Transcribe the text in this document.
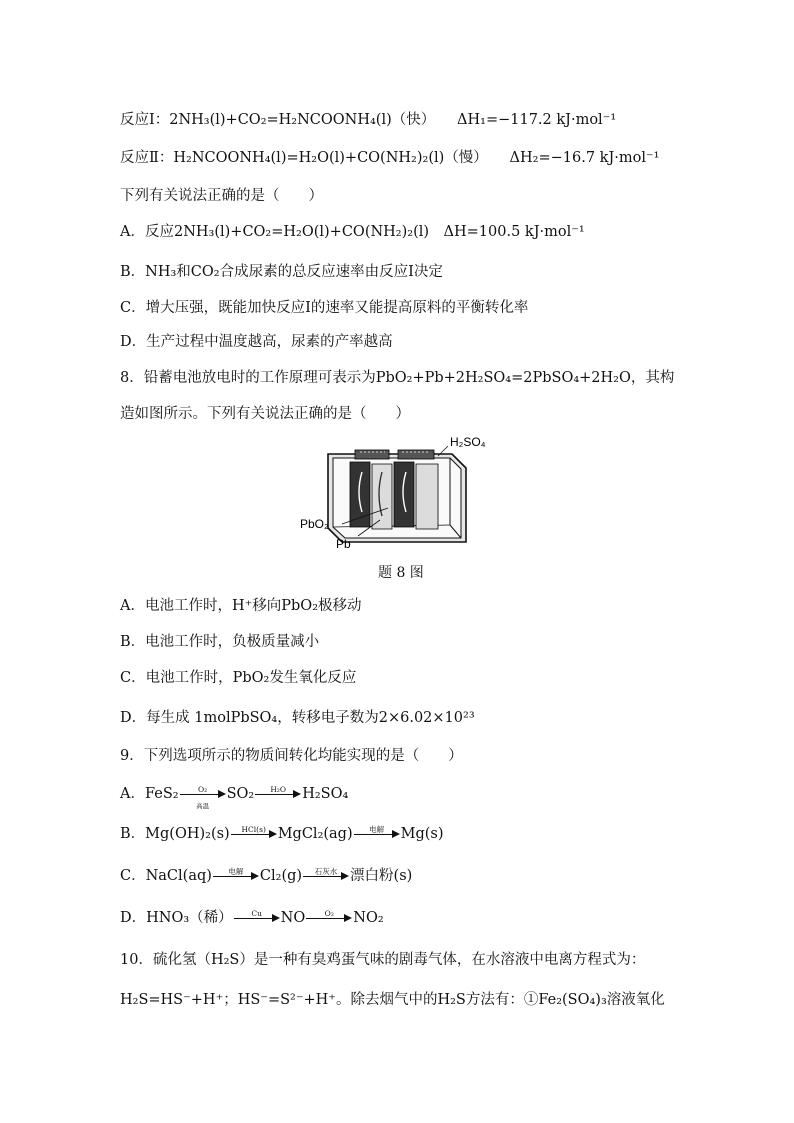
反应Ⅰ：2NH₃(l)+CO₂=H₂NCOONH₄(l)（快）　　 ΔH₁=−117.2 kJ·mol⁻¹
反应Ⅱ：H₂NCOONH₄(l)=H₂O(l)+CO(NH₂)₂(l)（慢）　　 ΔH₂=−16.7 kJ·mol⁻¹
下列有关说法正确的是（　　）
A．反应2NH₃(l)+CO₂=H₂O(l)+CO(NH₂)₂(l)　ΔH=100.5 kJ·mol⁻¹
B．NH₃和CO₂合成尿素的总反应速率由反应Ⅰ决定
C．增大压强，既能加快反应Ⅰ的速率又能提高原料的平衡转化率
D．生产过程中温度越高，尿素的产率越高
8．铅蓄电池放电时的工作原理可表示为PbO₂+Pb+2H₂SO₄=2PbSO₄+2H₂O，其构
造如图所示。下列有关说法正确的是（　　）
H₂SO₄
PbO₂
Pb
题 8 图
A．电池工作时，H⁺移向PbO₂极移动
B．电池工作时，负极质量减小
C．电池工作时，PbO₂发生氧化反应
D．每生成 1molPbSO₄，转移电子数为2×6.02×10²³
9．下列选项所示的物质间转化均能实现的是（　　）
A．FeS₂	O₂
高温
SO₂	H₂O	H₂SO₄
B．Mg(OH)₂(s)	HCl(s) MgCl₂(ag)	电解	Mg(s)
C．NaCl(aq)	电解	Cl₂(g)	石灰水 漂白粉(s)
D．HNO₃（稀）	Cu	NO	O₂	NO₂
10．硫化氢（H₂S）是一种有臭鸡蛋气味的剧毒气体，在水溶液中电离方程式为：
H₂S=HS⁻+H⁺；HS⁻=S²⁻+H⁺。除去烟气中的H₂S方法有：①Fe₂(SO₄)₃溶液氧化
